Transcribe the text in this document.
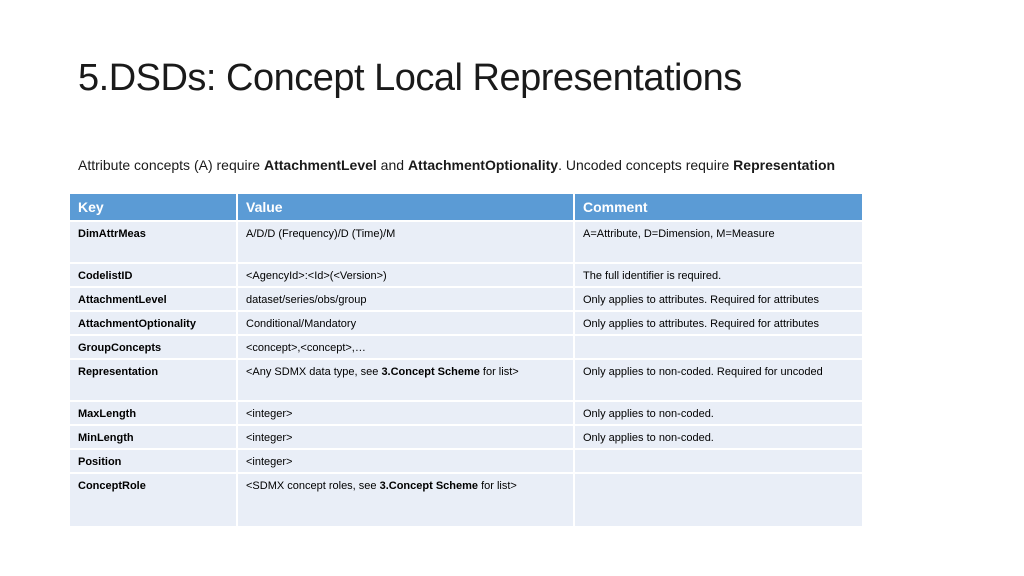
5.DSDs: Concept Local Representations
Attribute concepts (A) require AttachmentLevel and AttachmentOptionality. Uncoded concepts require Representation
Key	Value	Comment
DimAttrMeas	A/D/D (Frequency)/D (Time)/M	A=Attribute, D=Dimension, M=Measure
CodelistID	<AgencyId>:<Id>(<Version>)	The full identifier is required.
AttachmentLevel	dataset/series/obs/group	Only applies to attributes. Required for attributes
AttachmentOptionality	Conditional/Mandatory	Only applies to attributes. Required for attributes
GroupConcepts	<concept>,<concept>,…	
Representation	<Any SDMX data type, see 3.Concept Scheme for list>	Only applies to non-coded. Required for uncoded
MaxLength	<integer>	Only applies to non-coded.
MinLength	<integer>	Only applies to non-coded.
Position	<integer>	
ConceptRole	<SDMX concept roles, see 3.Concept Scheme for list>	
